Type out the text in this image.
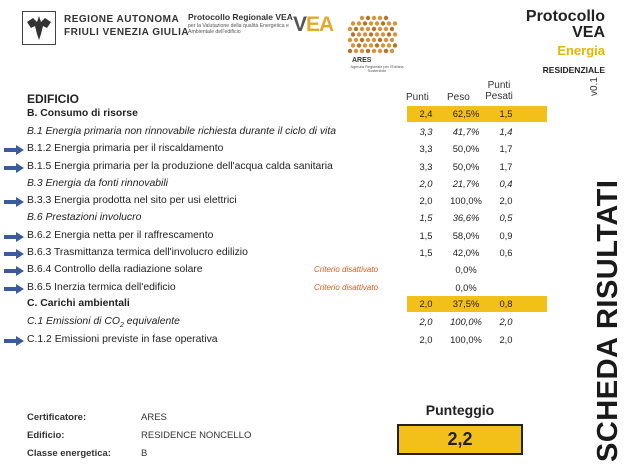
REGIONE AUTONOMA
FRIULI VENEZIA GIULIA
Protocollo Regionale VEA
per la Valutazione della qualità Energetica e Ambientale dell'edificio	VEA
ARES
Agenzia Regionale per l'Edilizia Sostenibile
Protocollo
VEA
Energia
RESIDENZIALE
v0.1
SCHEDA RISULTATI
Punti Peso
Punti
Pesati
EDIFICIO
B. Consumo di risorse	2,4	62,5%	1,5
B.1 Energia primaria non rinnovabile richiesta durante il ciclo di vita	3,3	41,7%	1,4
B.1.2 Energia primaria per il riscaldamento	3,3	50,0%	1,7
B.1.5 Energia primaria per la produzione dell'acqua calda sanitaria	3,3	50,0%	1,7
B.3 Energia da fonti rinnovabili	2,0	21,7%	0,4
B.3.3 Energia prodotta nel sito per usi elettrici	2,0	100,0%	2,0
B.6 Prestazioni involucro	1,5	36,6%	0,5
B.6.2 Energia netta per il raffrescamento	1,5	58,0%	0,9
B.6.3 Trasmittanza termica dell'involucro edilizio	1,5	42,0%	0,6
B.6.4 Controllo della radiazione solare	Criterio disattivato	0,0%
B.6.5 Inerzia termica dell'edificio	Criterio disattivato	0,0%
C. Carichi ambientali	2,0	37,5%	0,8
C.1 Emissioni di $CO_2$ equivalente	2,0	100,0%	2,0
C.1.2 Emissioni previste in fase operativa	2,0	100,0%	2,0
Certificatore:	ARES
Edificio:	RESIDENCE NONCELLO
Classe energetica:	B
Punteggio
2,2
